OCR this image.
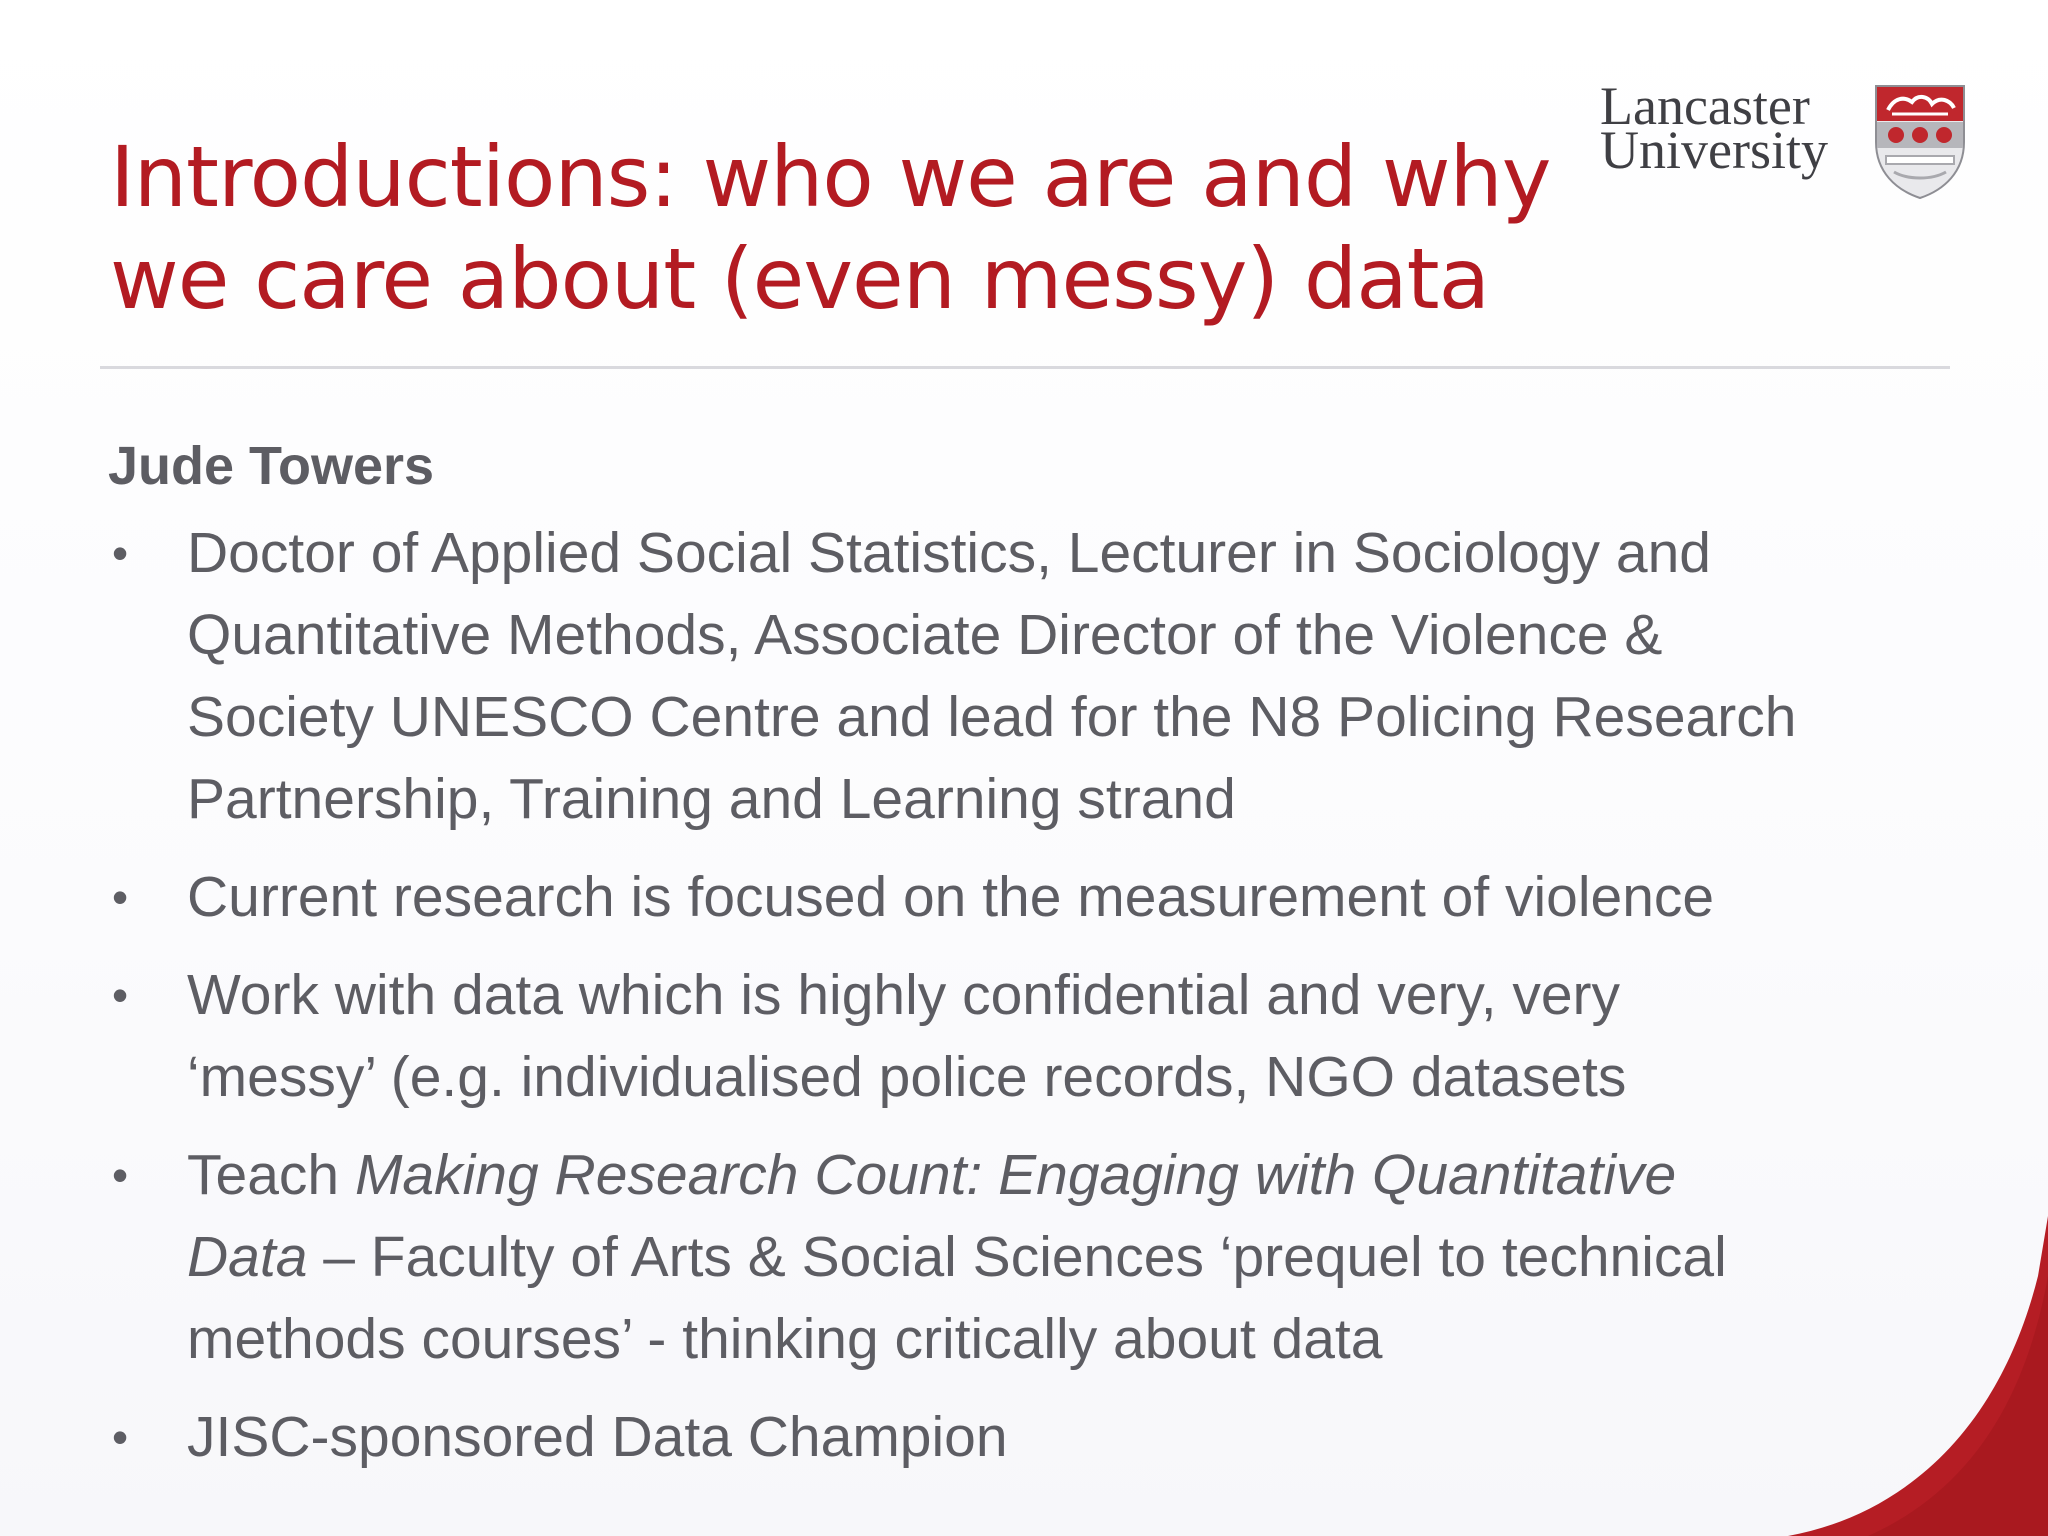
Introductions: who we are and why
we care about (even messy) data
Lancaster
University

Jude Towers

• Doctor of Applied Social Statistics, Lecturer in Sociology and
Quantitative Methods, Associate Director of the Violence &
Society UNESCO Centre and lead for the N8 Policing Research
Partnership, Training and Learning strand
• Current research is focused on the measurement of violence
• Work with data which is highly confidential and very, very
‘messy’ (e.g. individualised police records, NGO datasets
• Teach Making Research Count: Engaging with Quantitative
Data – Faculty of Arts & Social Sciences ‘prequel to technical
methods courses’ - thinking critically about data
• JISC-sponsored Data Champion
